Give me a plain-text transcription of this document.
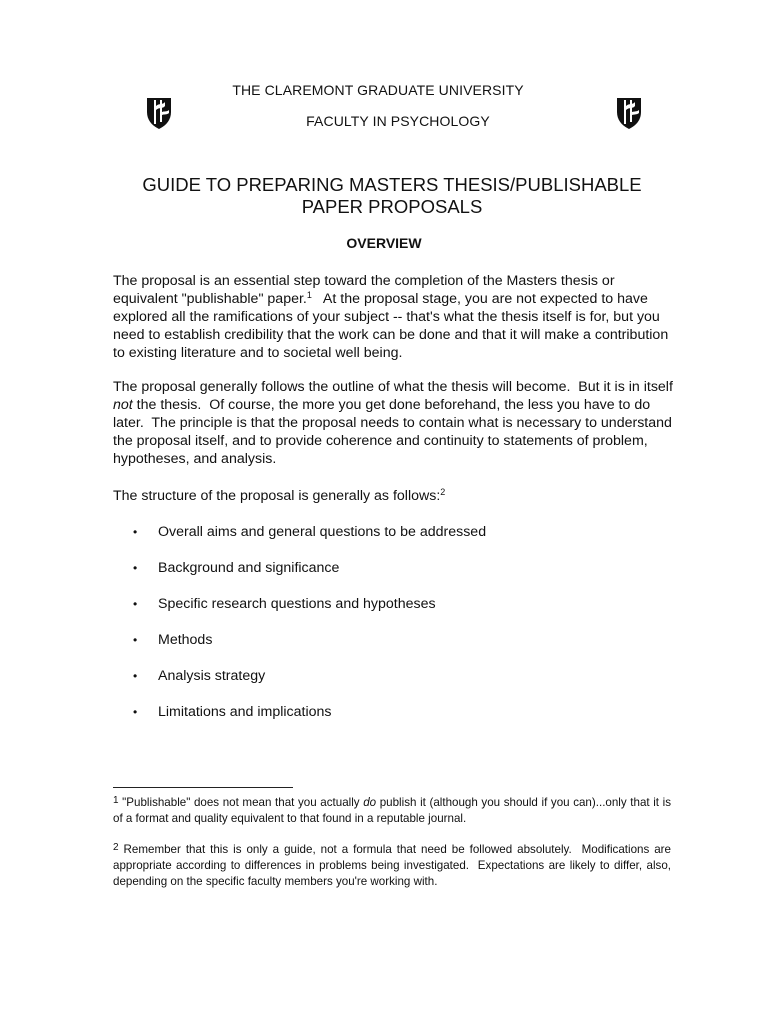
THE CLAREMONT GRADUATE UNIVERSITY
FACULTY IN PSYCHOLOGY
GUIDE TO PREPARING MASTERS THESIS/PUBLISHABLE PAPER PROPOSALS
OVERVIEW

The proposal is an essential step toward the completion of the Masters thesis or equivalent "publishable" paper.$^1$   At the proposal stage, you are not expected to have explored all the ramifications of your subject -- that's what the thesis itself is for, but you need to establish credibility that the work can be done and that it will make a contribution to existing literature and to societal well being.

The proposal generally follows the outline of what the thesis will become.  But it is in itself not the thesis.  Of course, the more you get done beforehand, the less you have to do later.  The principle is that the proposal needs to contain what is necessary to understand the proposal itself, and to provide coherence and continuity to statements of problem, hypotheses, and analysis.

The structure of the proposal is generally as follows:$^2$

• Overall aims and general questions to be addressed
• Background and significance
• Specific research questions and hypotheses
• Methods
• Analysis strategy
• Limitations and implications

1 "Publishable" does not mean that you actually do publish it (although you should if you can)...only that it is of a format and quality equivalent to that found in a reputable journal.

2 Remember that this is only a guide, not a formula that need be followed absolutely.  Modifications are appropriate according to differences in problems being investigated.  Expectations are likely to differ, also, depending on the specific faculty members you're working with.
